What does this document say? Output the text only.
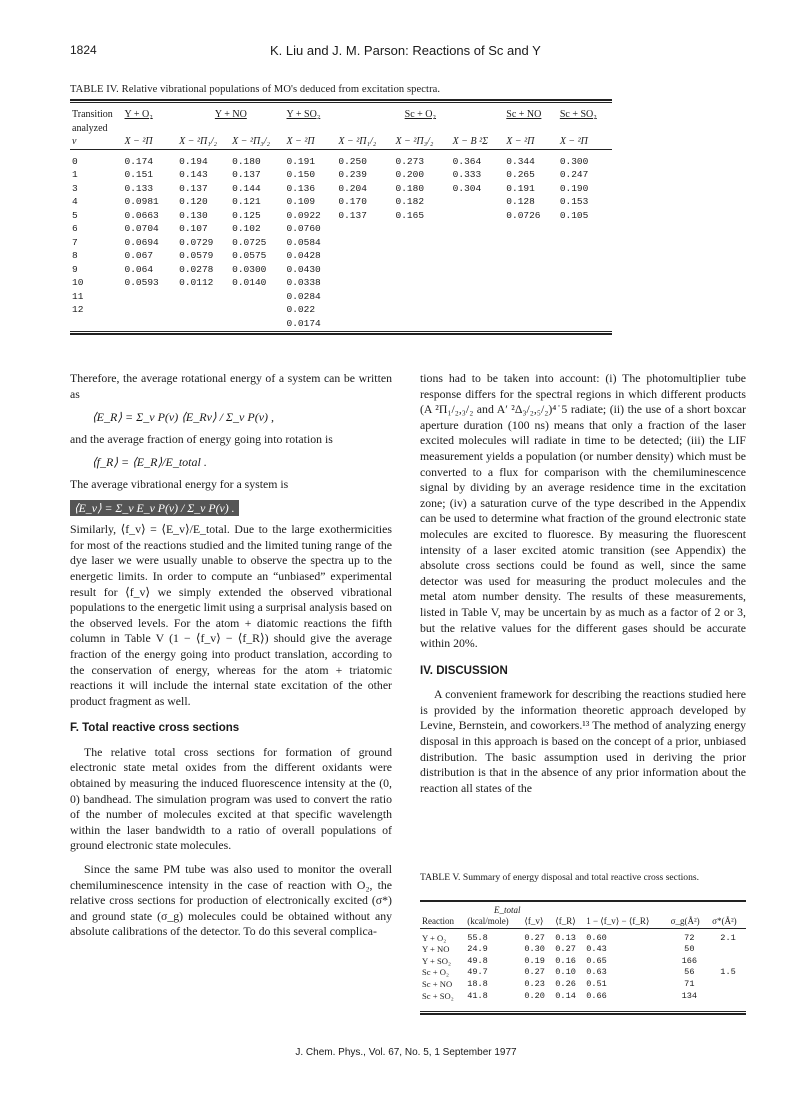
1824	K. Liu and J. M. Parson: Reactions of Sc and Y
TABLE IV. Relative vibrational populations of MO's deduced from excitation spectra.
Transition	Y + O₂	Y + NO		Y + SO₂	Sc + O₂			Sc + NO	Sc + SO₂
analyzed									
v	X − ²Π	X − ²Π₁/₂	X − ²Π₃/₂	X − ²Π	X − ²Π₁/₂	X − ²Π₃/₂	X − B ²Σ	X − ²Π	X − ²Π

0	0.174	0.194	0.180	0.191	0.250	0.273	0.364	0.344	0.300
1	0.151	0.143	0.137	0.150	0.239	0.200	0.333	0.265	0.247
3	0.133	0.137	0.144	0.136	0.204	0.180	0.304	0.191	0.190
4	0.0981	0.120	0.121	0.109	0.170	0.182		0.128	0.153
5	0.0663	0.130	0.125	0.0922	0.137	0.165		0.0726	0.105
6	0.0704	0.107	0.102	0.0760					
7	0.0694	0.0729	0.0725	0.0584					
8	0.067	0.0579	0.0575	0.0428					
9	0.064	0.0278	0.0300	0.0430					
10	0.0593	0.0112	0.0140	0.0338					
11				0.0284					
12				0.022					
				0.0174					

Therefore, the average rotational energy of a system can be written as

⟨E_R⟩ = Σ_v P(v) ⟨E_Rv⟩ / Σ_v P(v) ,

and the average fraction of energy going into rotation is

⟨f_R⟩ = ⟨E_R⟩/E_total .

The average vibrational energy for a system is

⟨E_v⟩ = Σ_v E_v P(v) / Σ_v P(v) .

Similarly, ⟨f_v⟩ = ⟨E_v⟩/E_total. Due to the large exothermicities for most of the reactions studied and the limited tuning range of the dye laser we were usually unable to observe the spectra up to the energetic limits. In order to compute an “unbiased” experimental result for ⟨f_v⟩ we simply extended the observed vibrational populations to the energetic limit using a surprisal analysis based on the observed levels. For the atom + diatomic reactions the fifth column in Table V (1 − ⟨f_v⟩ − ⟨f_R⟩) should give the average fraction of the energy going into product translation, according to the conservation of energy, whereas for the atom + triatomic reactions it will include the internal state excitation of the other product fragment as well.

F. Total reactive cross sections

The relative total cross sections for formation of ground electronic state metal oxides from the different oxidants were obtained by measuring the induced fluorescence intensity at the (0, 0) bandhead. The simulation program was used to convert the ratio of the number of molecules excited at that specific wavelength within the laser bandwidth to a ratio of overall populations of ground electronic state molecules.

Since the same PM tube was also used to monitor the overall chemiluminescence intensity in the case of reaction with O₂, the relative cross sections for production of electronically excited (σ*) and ground state (σ_g) molecules could be obtained without any absolute calibrations of the detector. To do this several complica-

tions had to be taken into account: (i) The photomultiplier tube response differs for the spectral regions in which different products (A ²Π₁/₂,₃/₂ and A′ ²Δ₃/₂,₅/₂)⁴˙5 radiate; (ii) the use of a short boxcar aperture duration (100 ns) means that only a fraction of the laser excited molecules will radiate in time to be detected; (iii) the LIF measurement yields a population (or number density) which must be converted to a flux for comparison with the chemiluminescence signal by dividing by an average residence time in the excitation zone; (iv) a saturation curve of the type described in the Appendix can be used to determine what fraction of the ground electronic state molecules are excited to fluoresce. By measuring the fluorescent intensity of a laser excited atomic transition (see Appendix) the absolute cross sections could be found as well, since the same detector was used for measuring the product molecules and the metal atom number density. The results of these measurements, listed in Table V, may be uncertain by as much as a factor of 2 or 3, but the relative values for the different gases should be accurate within 20%.

IV. DISCUSSION

A convenient framework for describing the reactions studied here is provided by the information theoretic approach developed by Levine, Bernstein, and coworkers.¹³ The method of analyzing energy disposal in this approach is based on the concept of a prior, unbiased distribution. The basic assumption used in deriving the prior distribution is that in the absence of any prior information about the reaction all states of the

TABLE V. Summary of energy disposal and total reactive cross sections.
E_total
Reaction	(kcal/mole)	⟨f_v⟩	⟨f_R⟩	1 − ⟨f_v⟩ − ⟨f_R⟩	σ_g(Å²)	σ*(Å²)

Y + O₂	55.8	0.27	0.13	0.60	72	2.1
Y + NO	24.9	0.30	0.27	0.43	50	
Y + SO₂	49.8	0.19	0.16	0.65	166	
Sc + O₂	49.7	0.27	0.10	0.63	56	1.5
Sc + NO	18.8	0.23	0.26	0.51	71	
Sc + SO₂	41.8	0.20	0.14	0.66	134	
J. Chem. Phys., Vol. 67, No. 5, 1 September 1977
